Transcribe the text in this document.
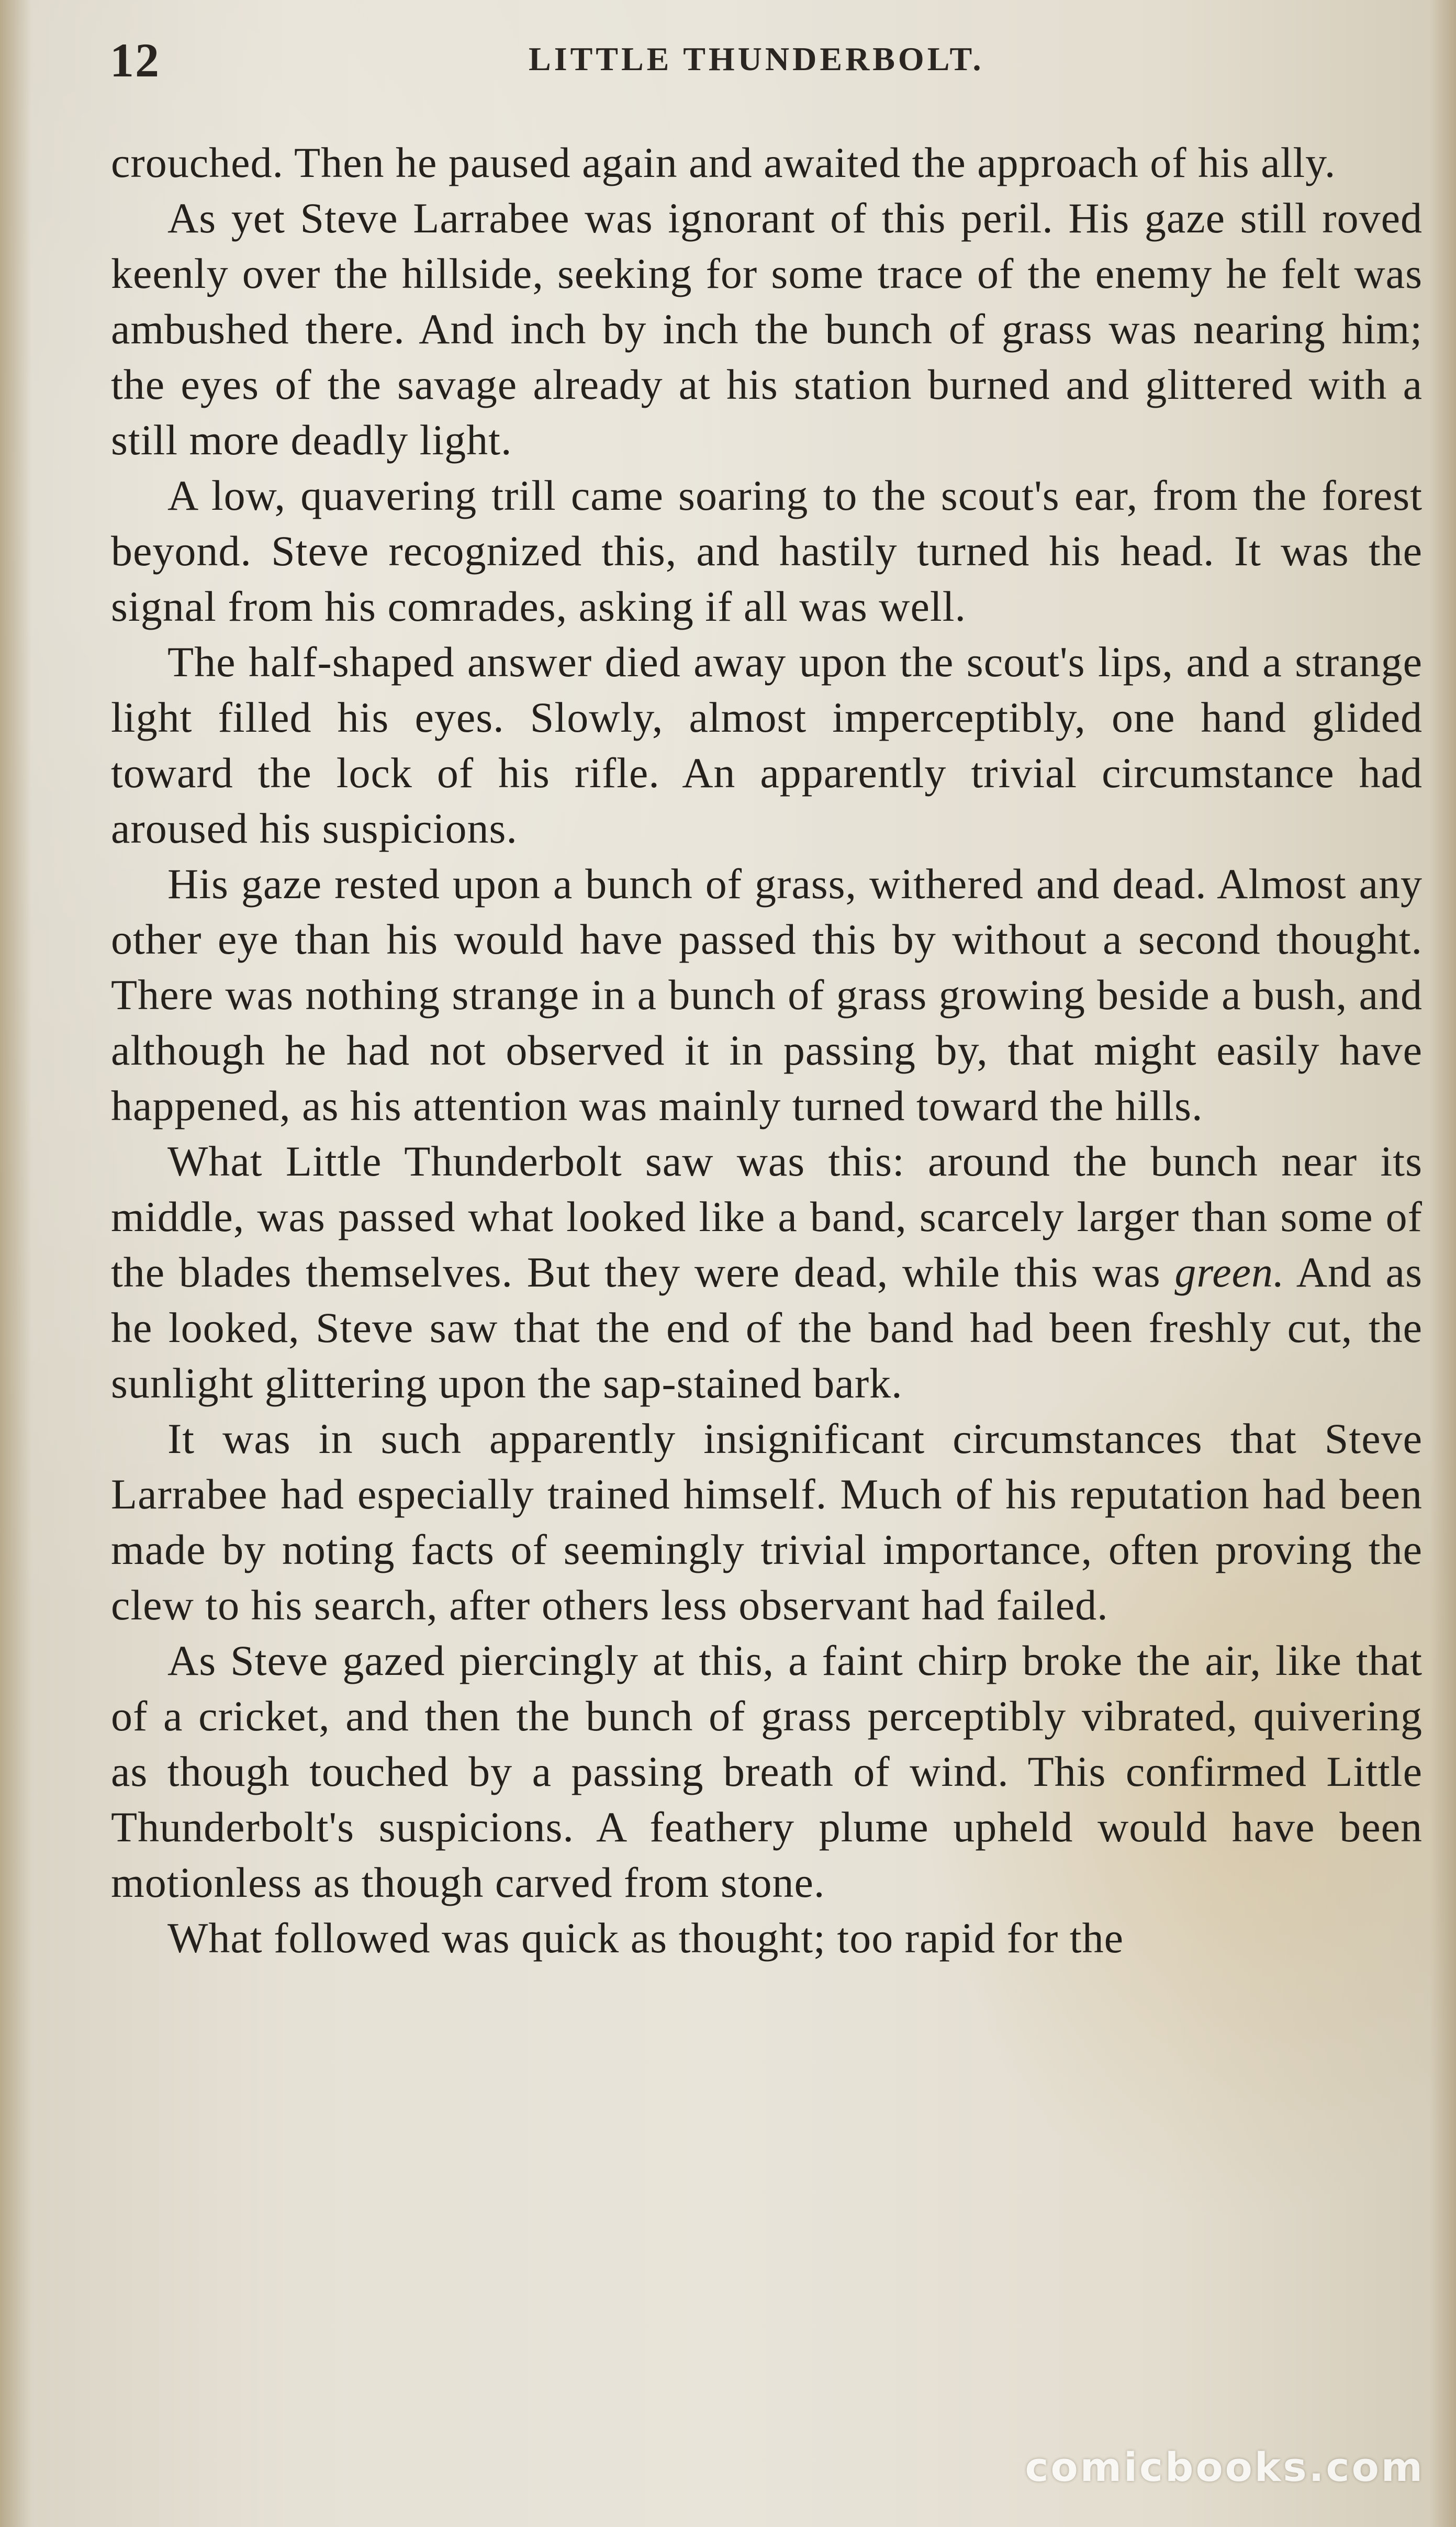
12	LITTLE THUNDERBOLT.

crouched. Then he paused again and awaited the approach of his ally.

As yet Steve Larrabee was ignorant of this peril. His gaze still roved keenly over the hillside, seeking for some trace of the enemy he felt was ambushed there. And inch by inch the bunch of grass was nearing him; the eyes of the savage already at his station burned and glittered with a still more deadly light.

A low, quavering trill came soaring to the scout's ear, from the forest beyond. Steve recognized this, and hastily turned his head. It was the signal from his comrades, asking if all was well.

The half-shaped answer died away upon the scout's lips, and a strange light filled his eyes. Slowly, almost imperceptibly, one hand glided toward the lock of his rifle. An apparently trivial circumstance had aroused his suspicions.

His gaze rested upon a bunch of grass, withered and dead. Almost any other eye than his would have passed this by without a second thought. There was nothing strange in a bunch of grass growing beside a bush, and although he had not observed it in passing by, that might easily have happened, as his attention was mainly turned toward the hills.

What Little Thunderbolt saw was this: around the bunch near its middle, was passed what looked like a band, scarcely larger than some of the blades themselves. But they were dead, while this was green. And as he looked, Steve saw that the end of the band had been freshly cut, the sunlight glittering upon the sap-stained bark.

It was in such apparently insignificant circumstances that Steve Larrabee had especially trained himself. Much of his reputation had been made by noting facts of seemingly trivial importance, often proving the clew to his search, after others less observant had failed.

As Steve gazed piercingly at this, a faint chirp broke the air, like that of a cricket, and then the bunch of grass perceptibly vibrated, quivering as though touched by a passing breath of wind. This confirmed Little Thunderbolt's suspicions. A feathery plume upheld would have been motionless as though carved from stone.

What followed was quick as thought; too rapid for the

comicbooks.com
